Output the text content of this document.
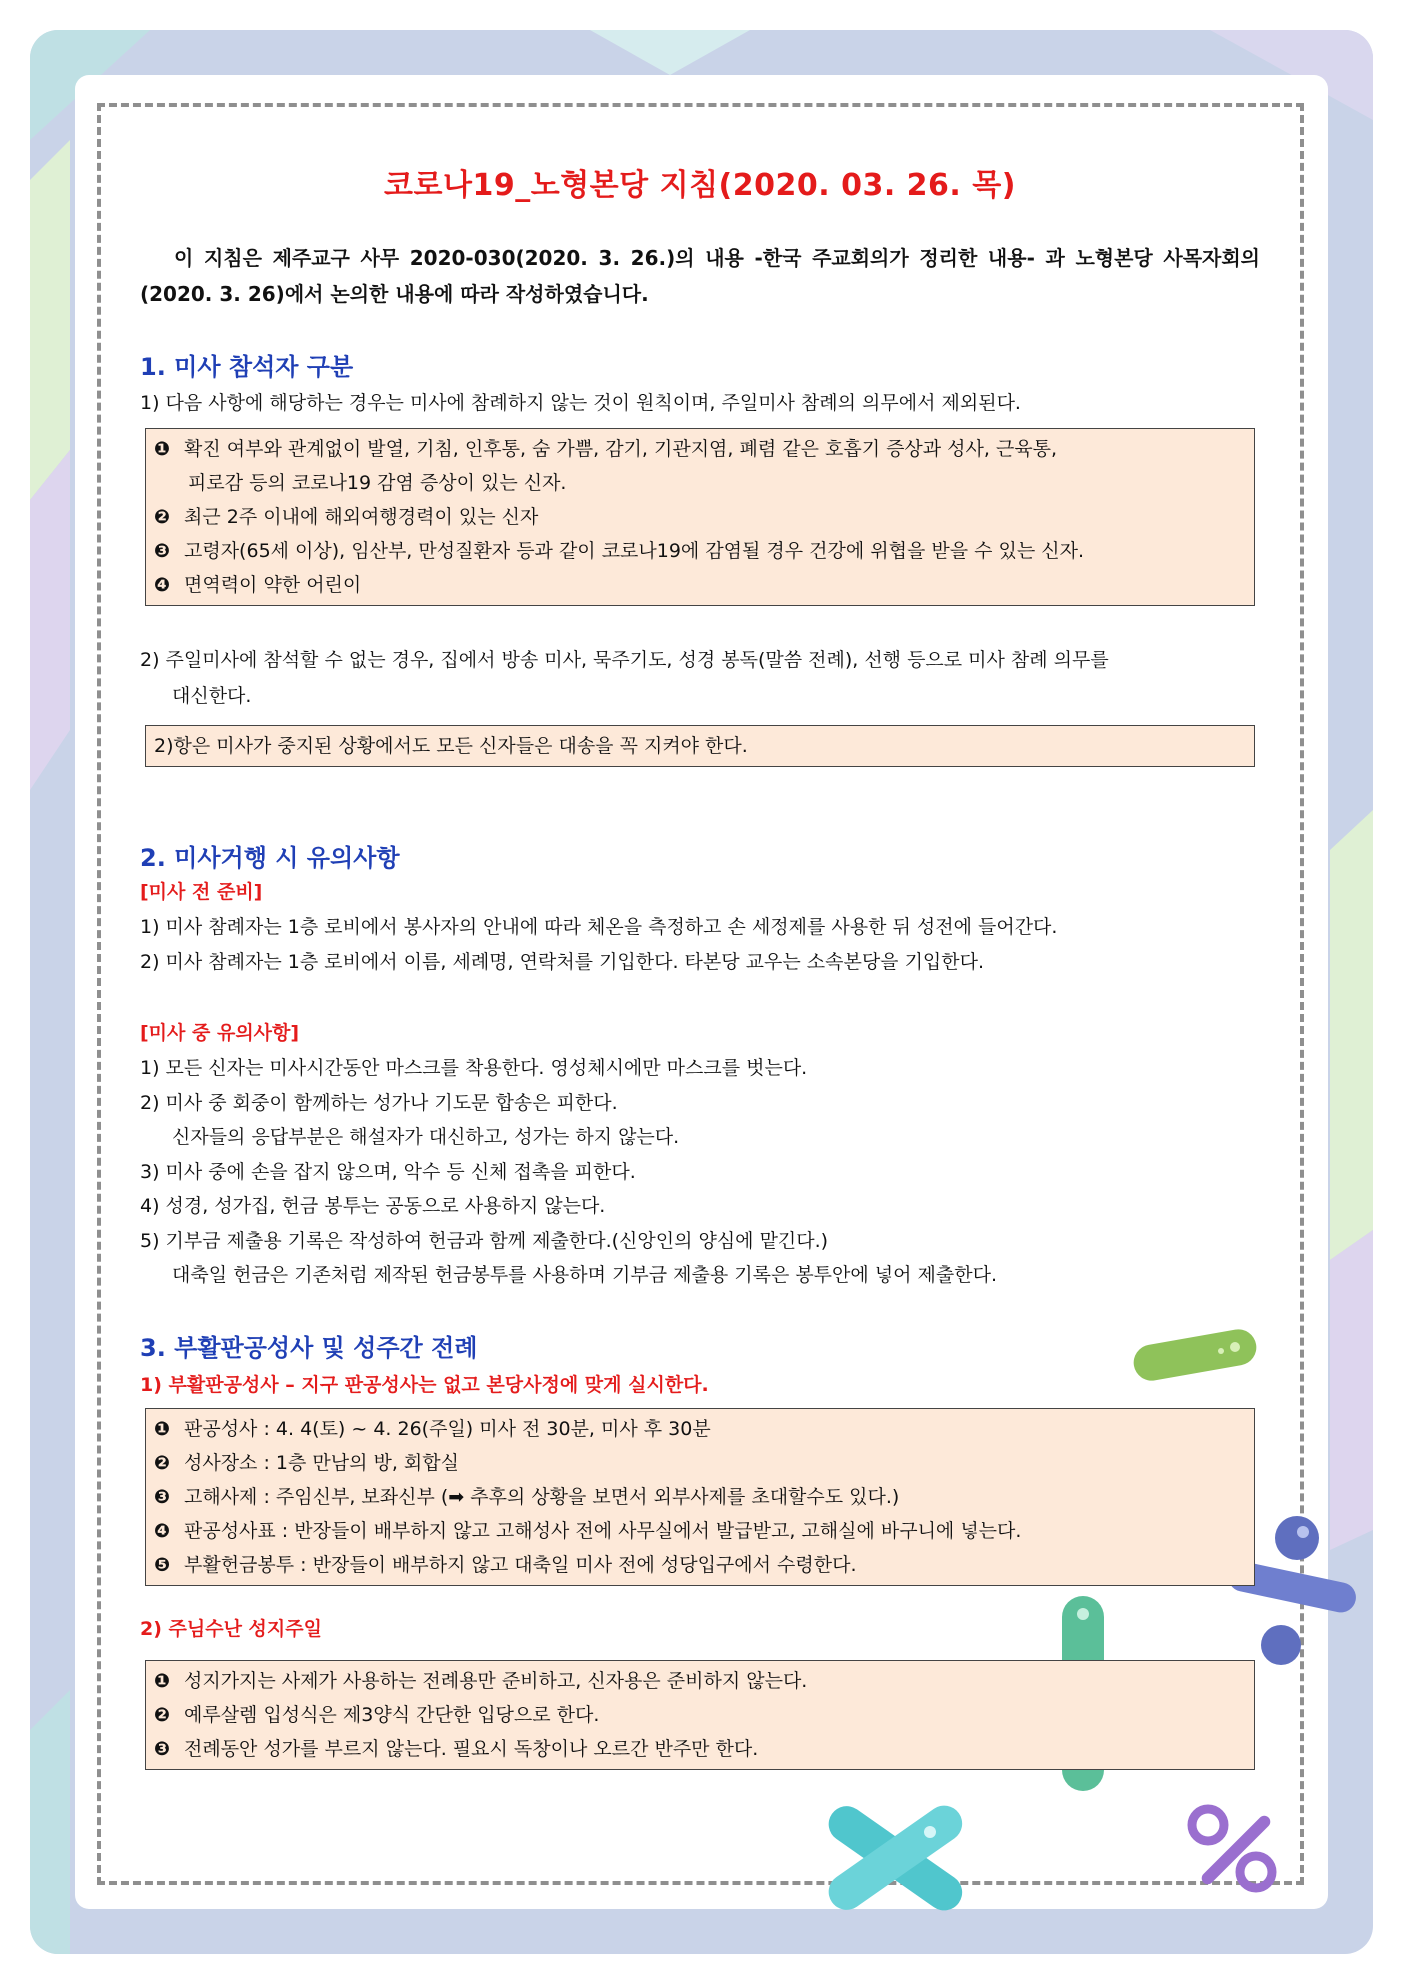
코로나19_노형본당 지침(2020. 03. 26. 목)
이 지침은 제주교구 사무 2020-030(2020. 3. 26.)의 내용 -한국 주교회의가 정리한 내용- 과 노형본당 사목자회의(2020. 3. 26)에서 논의한 내용에 따라 작성하였습니다.
1. 미사 참석자 구분
1) 다음 사항에 해당하는 경우는 미사에 참례하지 않는 것이 원칙이며, 주일미사 참례의 의무에서 제외된다.
❶ 확진 여부와 관계없이 발열, 기침, 인후통, 숨 가쁨, 감기, 기관지염, 폐렴 같은 호흡기 증상과 성사, 근육통,
피로감 등의 코로나19 감염 증상이 있는 신자.
❷ 최근 2주 이내에 해외여행경력이 있는 신자
❸ 고령자(65세 이상), 임산부, 만성질환자 등과 같이 코로나19에 감염될 경우 건강에 위협을 받을 수 있는 신자.
❹ 면역력이 약한 어린이
2) 주일미사에 참석할 수 없는 경우, 집에서 방송 미사, 묵주기도, 성경 봉독(말씀 전례), 선행 등으로 미사 참례 의무를
대신한다.
2)항은 미사가 중지된 상황에서도 모든 신자들은 대송을 꼭 지켜야 한다.
2. 미사거행 시 유의사항
[미사 전 준비]
1) 미사 참례자는 1층 로비에서 봉사자의 안내에 따라 체온을 측정하고 손 세정제를 사용한 뒤 성전에 들어간다.
2) 미사 참례자는 1층 로비에서 이름, 세례명, 연락처를 기입한다. 타본당 교우는 소속본당을 기입한다.
[미사 중 유의사항]
1) 모든 신자는 미사시간동안 마스크를 착용한다. 영성체시에만 마스크를 벗는다.
2) 미사 중 회중이 함께하는 성가나 기도문 합송은 피한다.
신자들의 응답부분은 해설자가 대신하고, 성가는 하지 않는다.
3) 미사 중에 손을 잡지 않으며, 악수 등 신체 접촉을 피한다.
4) 성경, 성가집, 헌금 봉투는 공동으로 사용하지 않는다.
5) 기부금 제출용 기록은 작성하여 헌금과 함께 제출한다.(신앙인의 양심에 맡긴다.)
대축일 헌금은 기존처럼 제작된 헌금봉투를 사용하며 기부금 제출용 기록은 봉투안에 넣어 제출한다.
3. 부활판공성사 및 성주간 전례
1) 부활판공성사 – 지구 판공성사는 없고 본당사정에 맞게 실시한다.
❶ 판공성사 : 4. 4(토) ~ 4. 26(주일) 미사 전 30분, 미사 후 30분
❷ 성사장소 : 1층 만남의 방, 회합실
❸ 고해사제 : 주임신부, 보좌신부 (➡ 추후의 상황을 보면서 외부사제를 초대할수도 있다.)
❹ 판공성사표 : 반장들이 배부하지 않고 고해성사 전에 사무실에서 발급받고, 고해실에 바구니에 넣는다.
❺ 부활헌금봉투 : 반장들이 배부하지 않고 대축일 미사 전에 성당입구에서 수령한다.
2) 주님수난 성지주일
❶ 성지가지는 사제가 사용하는 전례용만 준비하고, 신자용은 준비하지 않는다.
❷ 예루살렘 입성식은 제3양식 간단한 입당으로 한다.
❸ 전례동안 성가를 부르지 않는다. 필요시 독창이나 오르간 반주만 한다.
